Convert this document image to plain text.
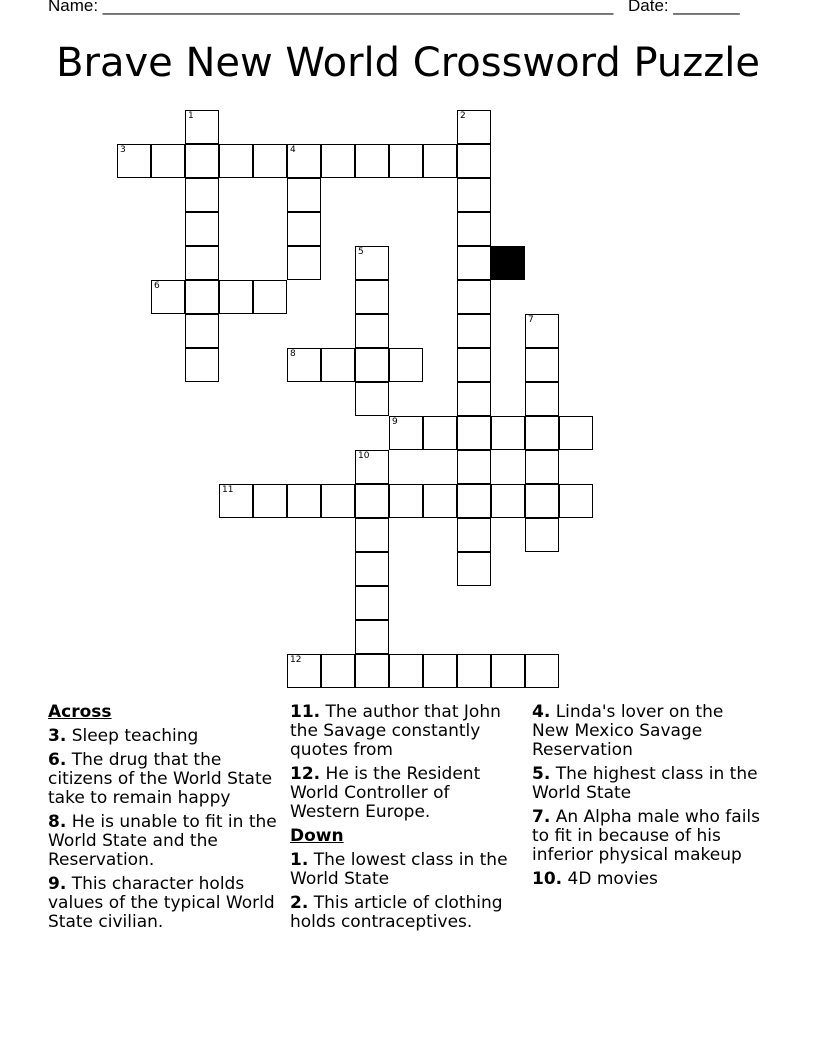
Name: ______________________________________________________ Date: _______
Brave New World Crossword Puzzle
3	4
6
8
9
11
12
1	2
5
7
10
Across
3. Sleep teaching
6. The drug that the citizens of the World State take to remain happy
8. He is unable to fit in the World State and the Reservation.
9. This character holds values of the typical World State civilian.
11. The author that John the Savage constantly quotes from
12. He is the Resident World Controller of Western Europe.
Down
1. The lowest class in the World State
2. This article of clothing holds contraceptives.
4. Linda's lover on the New Mexico Savage Reservation
5. The highest class in the World State
7. An Alpha male who fails to fit in because of his inferior physical makeup
10. 4D movies
